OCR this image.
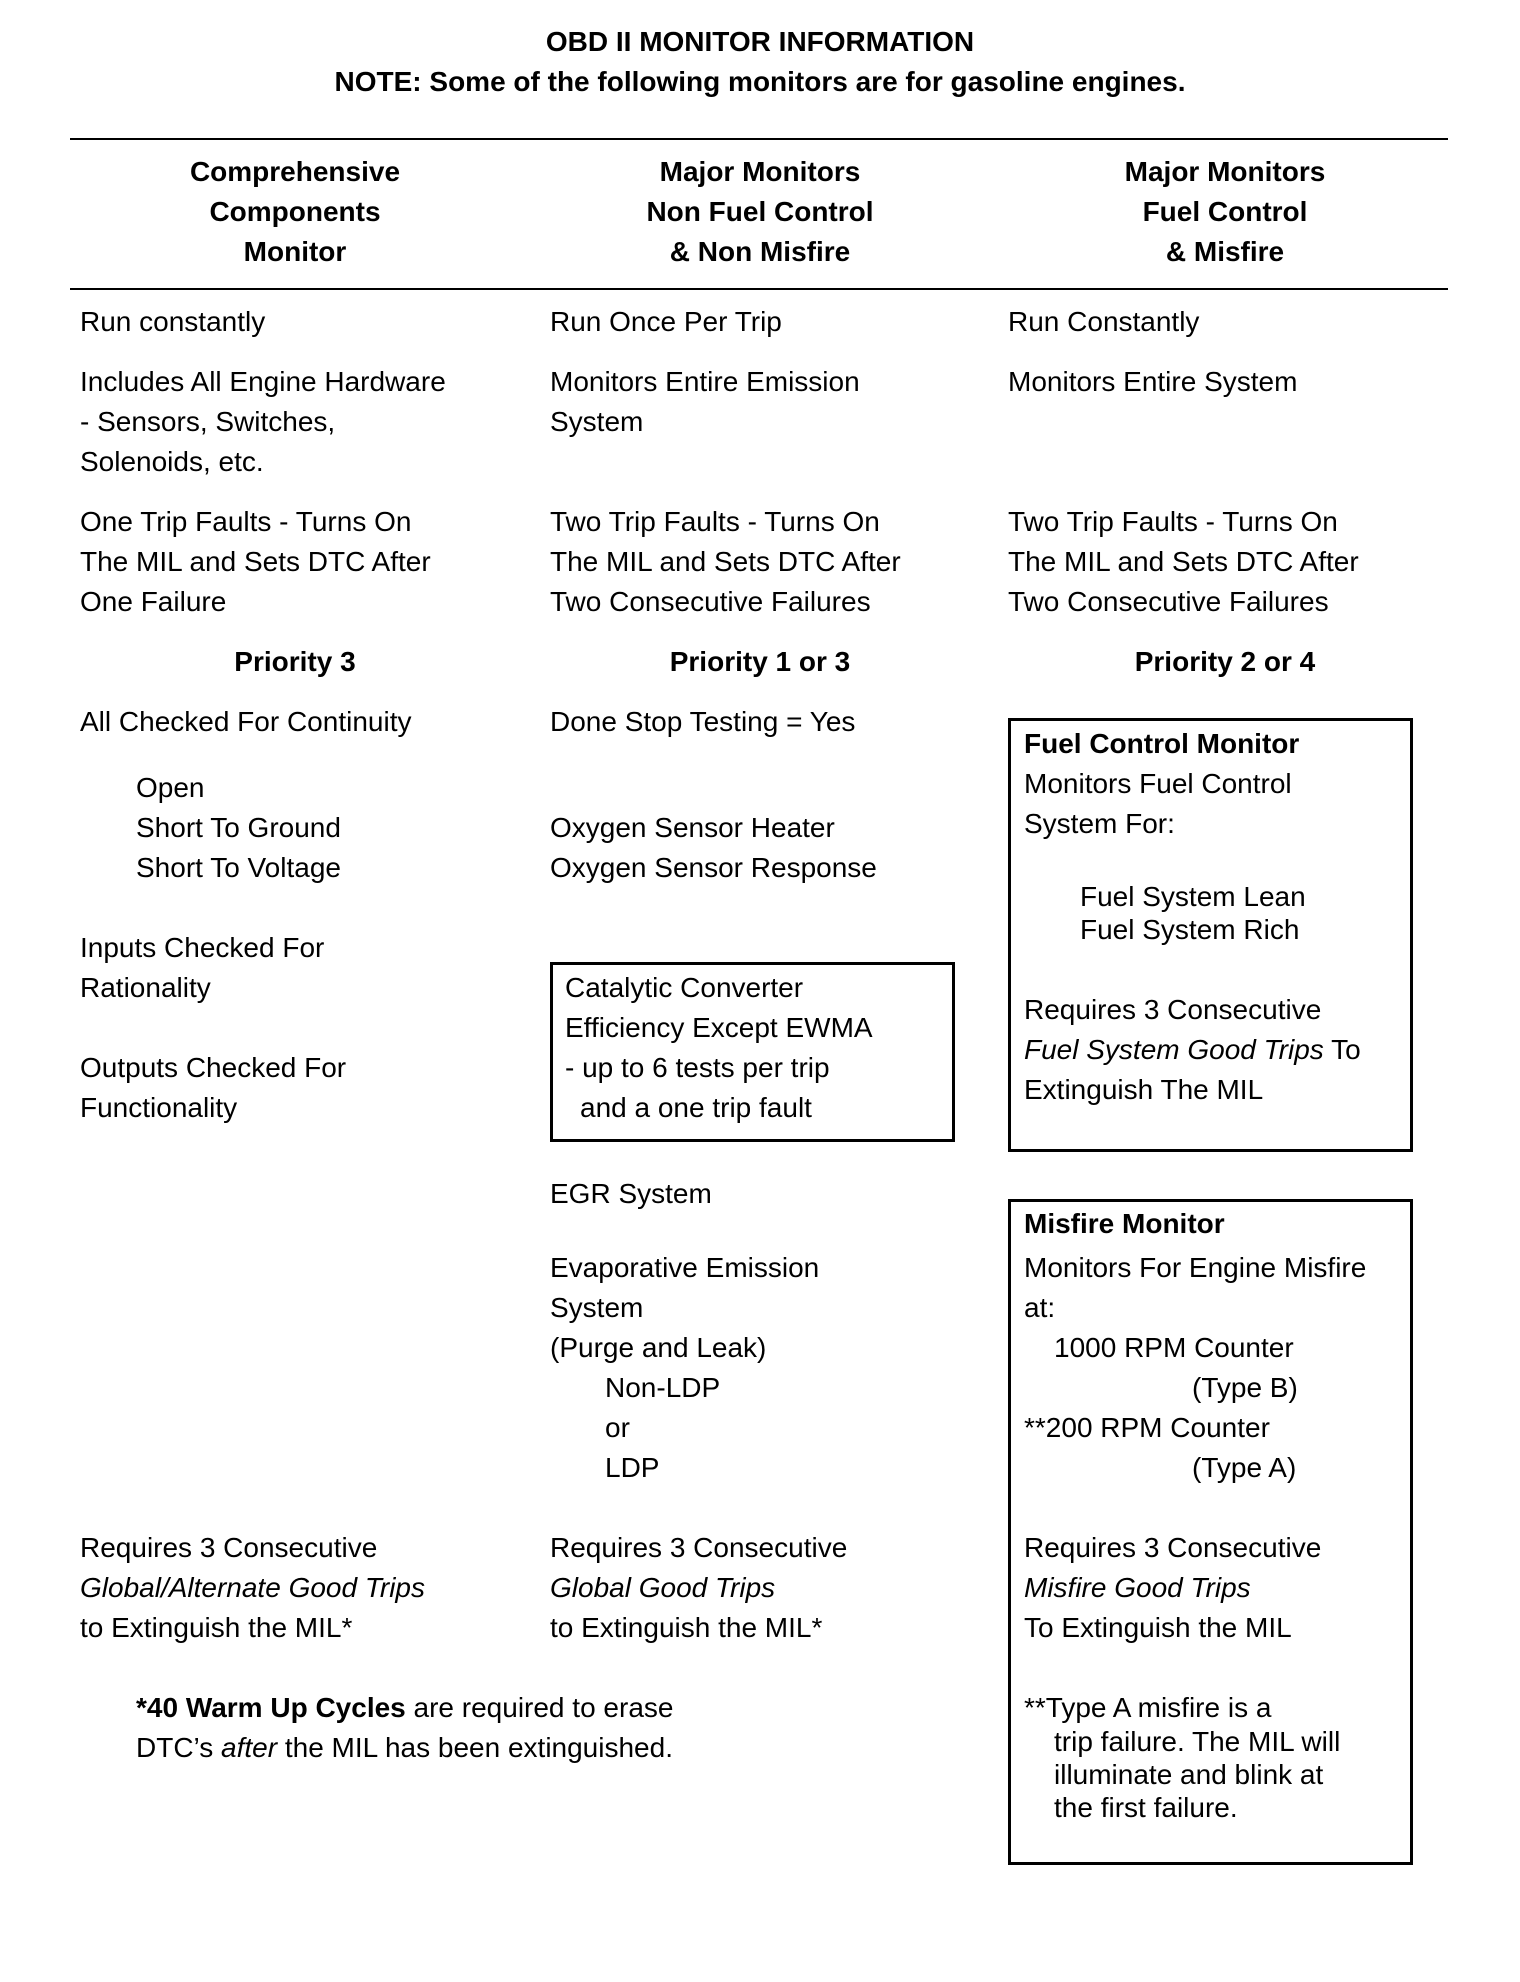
OBD II MONITOR INFORMATION
NOTE: Some of the following monitors are for gasoline engines.
Comprehensive
Components
Monitor
Major Monitors
Non Fuel Control
& Non Misfire
Major Monitors
Fuel Control
& Misfire
Run constantly
Includes All Engine Hardware
- Sensors, Switches,
Solenoids, etc.
One Trip Faults - Turns On
The MIL and Sets DTC After
One Failure
Priority 3
All Checked For Continuity
Open
Short To Ground
Short To Voltage
Inputs Checked For
Rationality
Outputs Checked For
Functionality
Requires 3 Consecutive
Global/Alternate Good Trips
to Extinguish the MIL*
Run Once Per Trip
Monitors Entire Emission
System
Two Trip Faults - Turns On
The MIL and Sets DTC After
Two Consecutive Failures
Priority 1 or 3
Done Stop Testing = Yes
Oxygen Sensor Heater
Oxygen Sensor Response
Catalytic Converter
Efficiency Except EWMA
- up to 6 tests per trip
and a one trip fault
EGR System
Evaporative Emission
System
(Purge and Leak)
Non-LDP
or
LDP
Requires 3 Consecutive
Global Good Trips
to Extinguish the MIL*
Run Constantly
Monitors Entire System
Two Trip Faults - Turns On
The MIL and Sets DTC After
Two Consecutive Failures
Priority 2 or 4
Fuel Control Monitor
Monitors Fuel Control
System For:
Fuel System Lean
Fuel System Rich
Requires 3 Consecutive
Fuel System Good Trips To
Extinguish The MIL
Misfire Monitor
Monitors For Engine Misfire
at:
1000 RPM Counter
(Type B)
**200 RPM Counter
(Type A)
Requires 3 Consecutive
Misfire Good Trips
To Extinguish the MIL
**Type A misfire is a
trip failure. The MIL will
illuminate and blink at
the first failure.
*40 Warm Up Cycles are required to erase
DTC’s after the MIL has been extinguished.
